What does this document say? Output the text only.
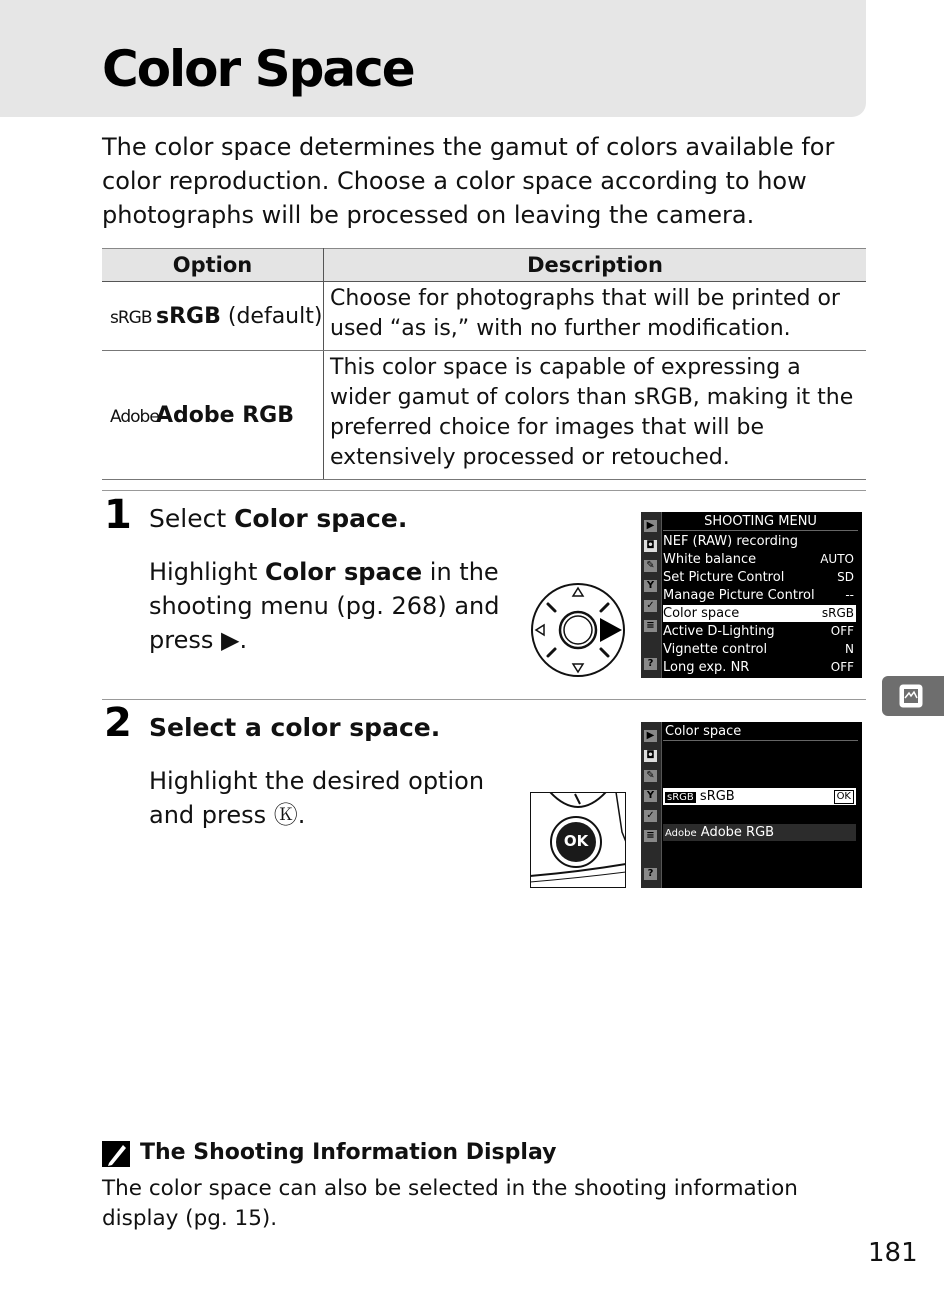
Color Space

The color space determines the gamut of colors available for color reproduction. Choose a color space according to how photographs will be processed on leaving the camera.

Option	Description
sRGB sRGB (default)	Choose for photographs that will be printed or used “as is,” with no further modification.
AdobeAdobe RGB	This color space is capable of expressing a wider gamut of colors than sRGB, making it the preferred choice for images that will be extensively processed or retouched.
1 Select Color space.

Highlight Color space in the shooting menu (pg. 268) and press ▶.

▶
◘
✎
Y
✓
≡
?
SHOOTING MENU
NEF (RAW) recording
White balance	AUTO
Set Picture Control	SD
Manage Picture Control	--
Color space	sRGB
Active D-Lighting	OFF
Vignette control	N
Long exp. NR	OFF
2 Select a color space.

Highlight the desired option and press Ⓚ.

OK
▶
◘
✎
Y
✓
≡
?
Color space
sRGB sRGB	OK
Adobe Adobe RGB
The Shooting Information Display

The color space can also be selected in the shooting information display (pg. 15).

181
